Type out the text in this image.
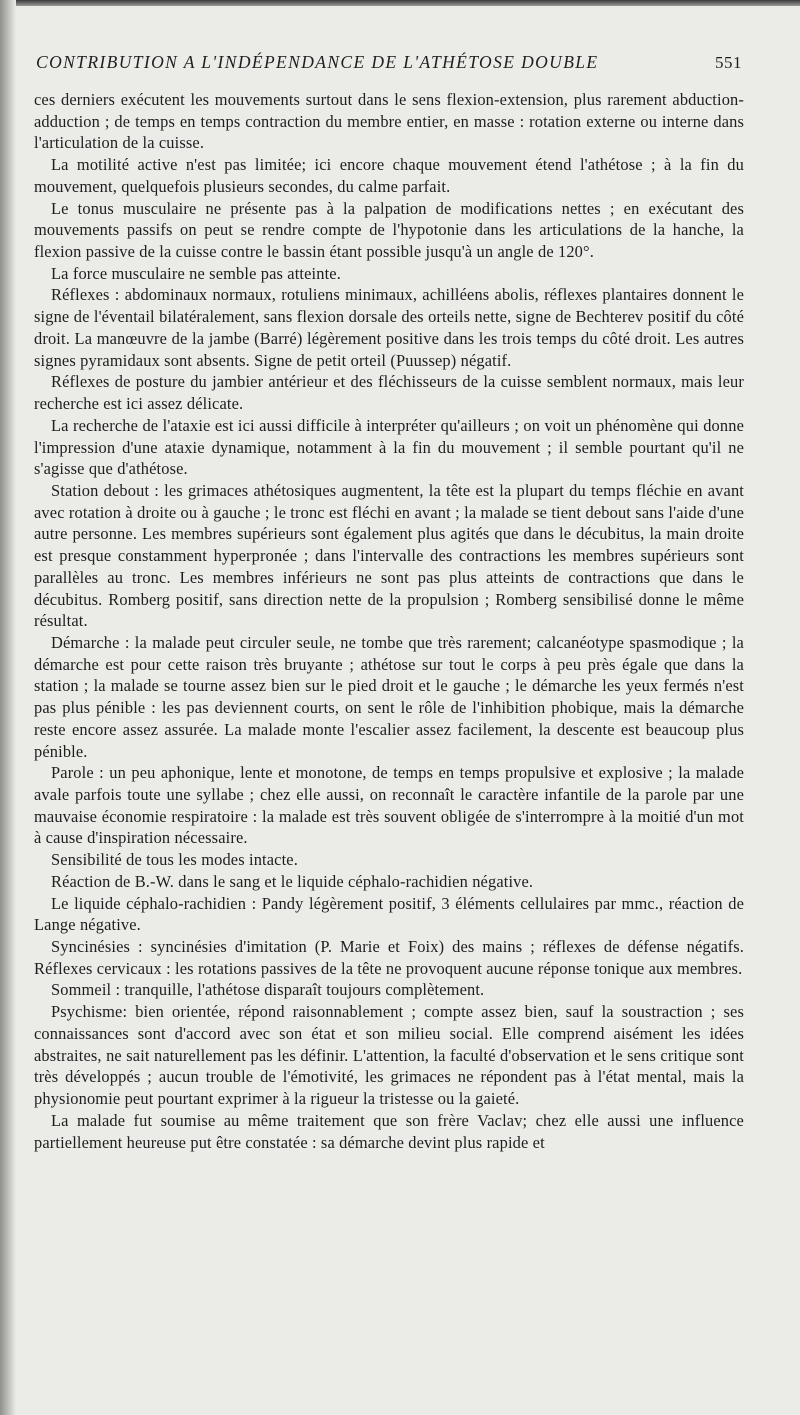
CONTRIBUTION A L'INDÉPENDANCE DE L'ATHÉTOSE DOUBLE	551

ces derniers exécutent les mouvements surtout dans le sens flexion-extension, plus rarement abduction-adduction ; de temps en temps contraction du membre entier, en masse : rotation externe ou interne dans l'articulation de la cuisse.

La motilité active n'est pas limitée; ici encore chaque mouvement étend l'athétose ; à la fin du mouvement, quelquefois plusieurs secondes, du calme parfait.

Le tonus musculaire ne présente pas à la palpation de modifications nettes ; en exécutant des mouvements passifs on peut se rendre compte de l'hypotonie dans les articulations de la hanche, la flexion passive de la cuisse contre le bassin étant possible jusqu'à un angle de 120°.

La force musculaire ne semble pas atteinte.

Réflexes : abdominaux normaux, rotuliens minimaux, achilléens abolis, réflexes plantaires donnent le signe de l'éventail bilatéralement, sans flexion dorsale des orteils nette, signe de Bechterev positif du côté droit. La manœuvre de la jambe (Barré) légèrement positive dans les trois temps du côté droit. Les autres signes pyramidaux sont absents. Signe de petit orteil (Puussep) négatif.

Réflexes de posture du jambier antérieur et des fléchisseurs de la cuisse semblent normaux, mais leur recherche est ici assez délicate.

La recherche de l'ataxie est ici aussi difficile à interpréter qu'ailleurs ; on voit un phénomène qui donne l'impression d'une ataxie dynamique, notamment à la fin du mouvement ; il semble pourtant qu'il ne s'agisse que d'athétose.

Station debout : les grimaces athétosiques augmentent, la tête est la plupart du temps fléchie en avant avec rotation à droite ou à gauche ; le tronc est fléchi en avant ; la malade se tient debout sans l'aide d'une autre personne. Les membres supérieurs sont également plus agités que dans le décubitus, la main droite est presque constamment hyperpronée ; dans l'intervalle des contractions les membres supérieurs sont parallèles au tronc. Les membres inférieurs ne sont pas plus atteints de contractions que dans le décubitus. Romberg positif, sans direction nette de la propulsion ; Romberg sensibilisé donne le même résultat.

Démarche : la malade peut circuler seule, ne tombe que très rarement; calcanéotype spasmodique ; la démarche est pour cette raison très bruyante ; athétose sur tout le corps à peu près égale que dans la station ; la malade se tourne assez bien sur le pied droit et le gauche ; le démarche les yeux fermés n'est pas plus pénible : les pas deviennent courts, on sent le rôle de l'inhibition phobique, mais la démarche reste encore assez assurée. La malade monte l'escalier assez facilement, la descente est beaucoup plus pénible.

Parole : un peu aphonique, lente et monotone, de temps en temps propulsive et explosive ; la malade avale parfois toute une syllabe ; chez elle aussi, on reconnaît le caractère infantile de la parole par une mauvaise économie respiratoire : la malade est très souvent obligée de s'interrompre à la moitié d'un mot à cause d'inspiration nécessaire.

Sensibilité de tous les modes intacte.

Réaction de B.-W. dans le sang et le liquide céphalo-rachidien négative.

Le liquide céphalo-rachidien : Pandy légèrement positif, 3 éléments cellulaires par mmc., réaction de Lange négative.

Syncinésies : syncinésies d'imitation (P. Marie et Foix) des mains ; réflexes de défense négatifs. Réflexes cervicaux : les rotations passives de la tête ne provoquent aucune réponse tonique aux membres.

Sommeil : tranquille, l'athétose disparaît toujours complètement.

Psychisme: bien orientée, répond raisonnablement ; compte assez bien, sauf la soustraction ; ses connaissances sont d'accord avec son état et son milieu social. Elle comprend aisément les idées abstraites, ne sait naturellement pas les définir. L'attention, la faculté d'observation et le sens critique sont très développés ; aucun trouble de l'émotivité, les grimaces ne répondent pas à l'état mental, mais la physionomie peut pourtant exprimer à la rigueur la tristesse ou la gaieté.

La malade fut soumise au même traitement que son frère Vaclav; chez elle aussi une influence partiellement heureuse put être constatée : sa démarche devint plus rapide et
